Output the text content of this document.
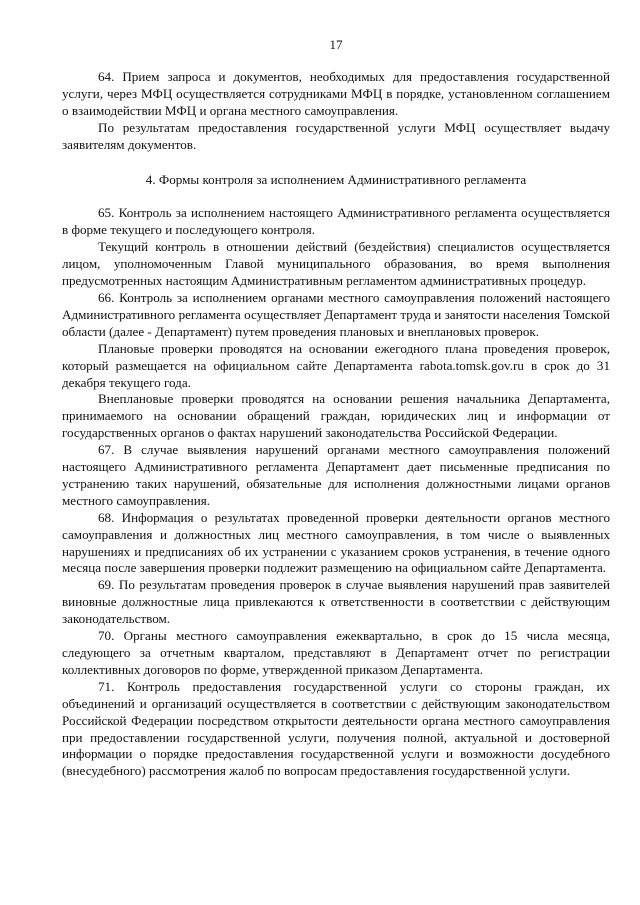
17

64. Прием запроса и документов, необходимых для предоставления государственной услуги, через МФЦ осуществляется сотрудниками МФЦ в порядке, установленном соглашением о взаимодействии МФЦ и органа местного самоуправления.

По результатам предоставления государственной услуги МФЦ осуществляет выдачу заявителям документов.

4. Формы контроля за исполнением Административного регламента

65. Контроль за исполнением настоящего Административного регламента осуществляется в форме текущего и последующего контроля.

Текущий контроль в отношении действий (бездействия) специалистов осуществляется лицом, уполномоченным Главой муниципального образования, во время выполнения предусмотренных настоящим Административным регламентом административных процедур.

66. Контроль за исполнением органами местного самоуправления положений настоящего Административного регламента осуществляет Департамент труда и занятости населения Томской области (далее - Департамент) путем проведения плановых и внеплановых проверок.

Плановые проверки проводятся на основании ежегодного плана проведения проверок, который размещается на официальном сайте Департамента rabota.tomsk.gov.ru в срок до 31 декабря текущего года.

Внеплановые проверки проводятся на основании решения начальника Департамента, принимаемого на основании обращений граждан, юридических лиц и информации от государственных органов о фактах нарушений законодательства Российской Федерации.

67. В случае выявления нарушений органами местного самоуправления положений настоящего Административного регламента Департамент дает письменные предписания по устранению таких нарушений, обязательные для исполнения должностными лицами органов местного самоуправления.

68. Информация о результатах проведенной проверки деятельности органов местного самоуправления и должностных лиц местного самоуправления, в том числе о выявленных нарушениях и предписаниях об их устранении с указанием сроков устранения, в течение одного месяца после завершения проверки подлежит размещению на официальном сайте Департамента.

69. По результатам проведения проверок в случае выявления нарушений прав заявителей виновные должностные лица привлекаются к ответственности в соответствии с действующим законодательством.

70. Органы местного самоуправления ежеквартально, в срок до 15 числа месяца, следующего за отчетным кварталом, представляют в Департамент отчет по регистрации коллективных договоров по форме, утвержденной приказом Департамента.

71. Контроль предоставления государственной услуги со стороны граждан, их объединений и организаций осуществляется в соответствии с действующим законодательством Российской Федерации посредством открытости деятельности органа местного самоуправления при предоставлении государственной услуги, получения полной, актуальной и достоверной информации о порядке предоставления государственной услуги и возможности досудебного (внесудебного) рассмотрения жалоб по вопросам предоставления государственной услуги.
